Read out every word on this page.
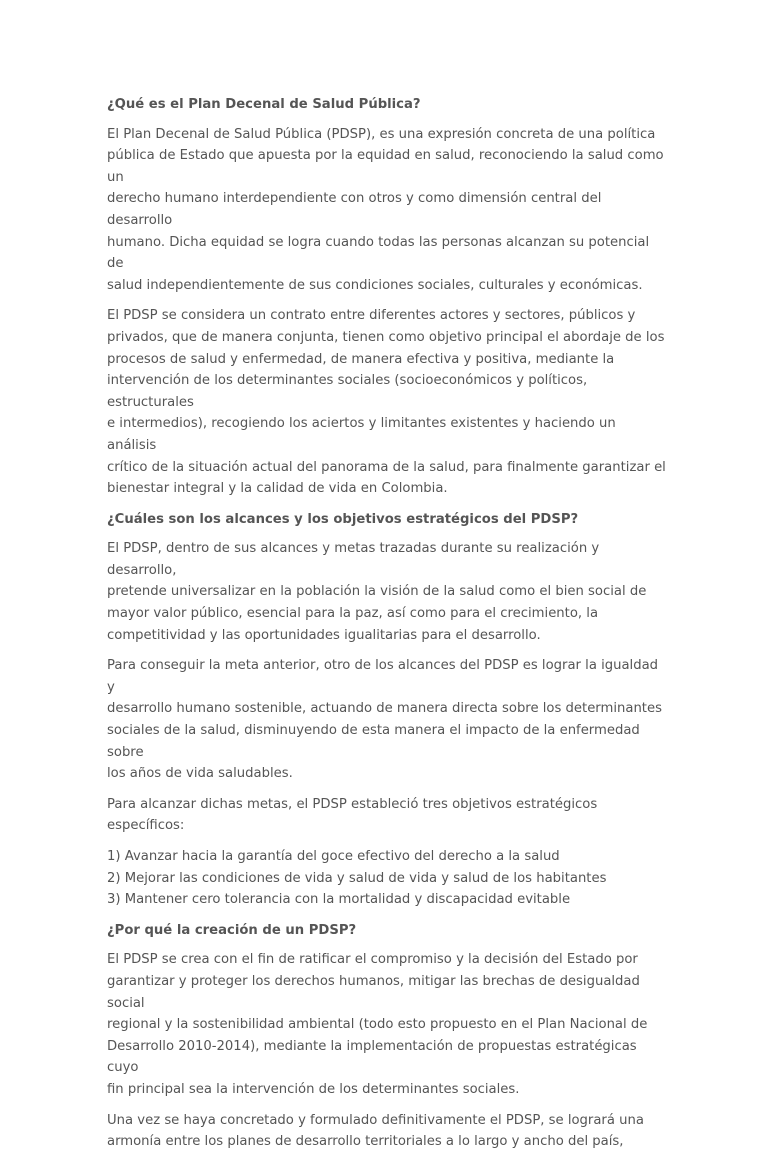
¿Qué es el Plan Decenal de Salud Pública?

El Plan Decenal de Salud Pública (PDSP), es una expresión concreta de una política
pública de Estado que apuesta por la equidad en salud, reconociendo la salud como un
derecho humano interdependiente con otros y como dimensión central del desarrollo
humano. Dicha equidad se logra cuando todas las personas alcanzan su potencial de
salud independientemente de sus condiciones sociales, culturales y económicas.

El PDSP se considera un contrato entre diferentes actores y sectores, públicos y
privados, que de manera conjunta, tienen como objetivo principal el abordaje de los
procesos de salud y enfermedad, de manera efectiva y positiva, mediante la
intervención de los determinantes sociales (socioeconómicos y políticos, estructurales
e intermedios), recogiendo los aciertos y limitantes existentes y haciendo un análisis
crítico de la situación actual del panorama de la salud, para finalmente garantizar el
bienestar integral y la calidad de vida en Colombia.

¿Cuáles son los alcances y los objetivos estratégicos del PDSP?

El PDSP, dentro de sus alcances y metas trazadas durante su realización y desarrollo,
pretende universalizar en la población la visión de la salud como el bien social de
mayor valor público, esencial para la paz, así como para el crecimiento, la
competitividad y las oportunidades igualitarias para el desarrollo.

Para conseguir la meta anterior, otro de los alcances del PDSP es lograr la igualdad y
desarrollo humano sostenible, actuando de manera directa sobre los determinantes
sociales de la salud, disminuyendo de esta manera el impacto de la enfermedad sobre
los años de vida saludables.

Para alcanzar dichas metas, el PDSP estableció tres objetivos estratégicos específicos:

1) Avanzar hacia la garantía del goce efectivo del derecho a la salud
2) Mejorar las condiciones de vida y salud de vida y salud de los habitantes
3) Mantener cero tolerancia con la mortalidad y discapacidad evitable
¿Por qué la creación de un PDSP?

El PDSP se crea con el fin de ratificar el compromiso y la decisión del Estado por
garantizar y proteger los derechos humanos, mitigar las brechas de desigualdad social
regional y la sostenibilidad ambiental (todo esto propuesto en el Plan Nacional de
Desarrollo 2010-2014), mediante la implementación de propuestas estratégicas cuyo
fin principal sea la intervención de los determinantes sociales.

Una vez se haya concretado y formulado definitivamente el PDSP, se logrará una
armonía entre los planes de desarrollo territoriales a lo largo y ancho del país,
